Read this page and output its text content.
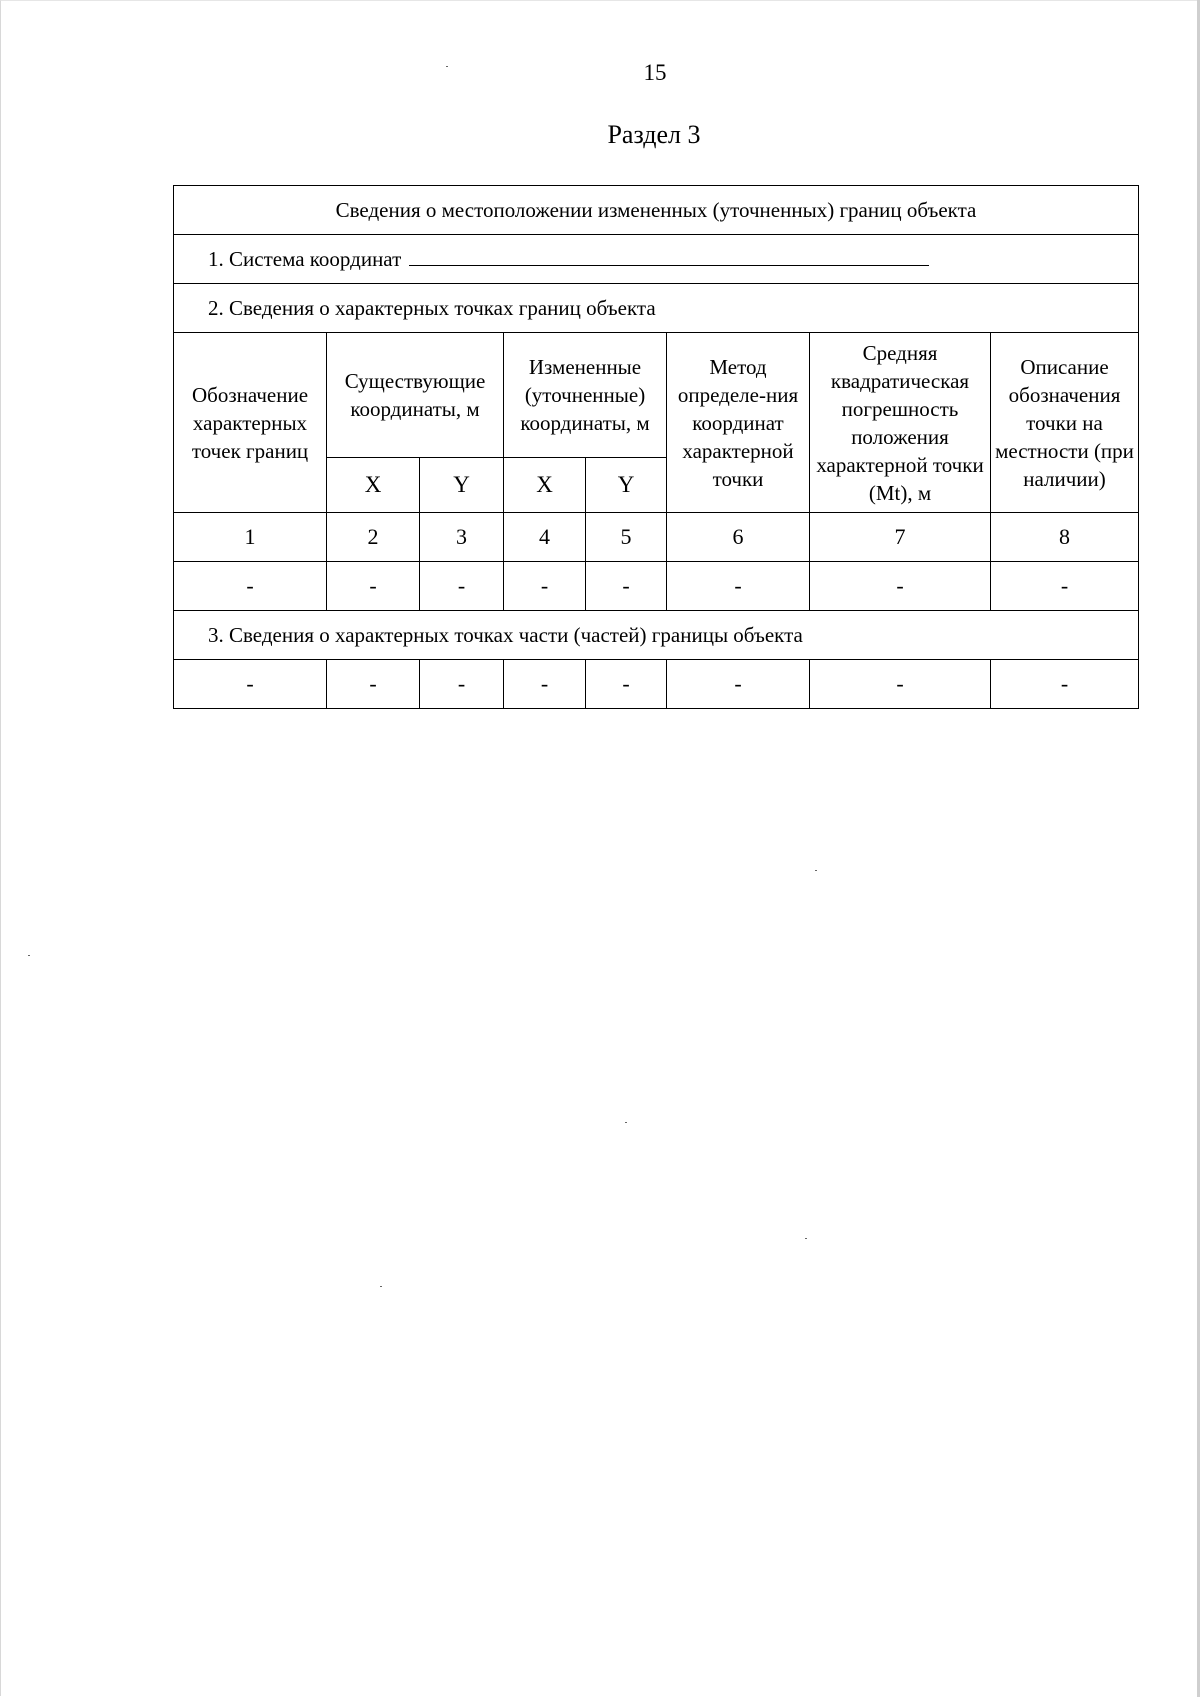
15
Раздел 3
Сведения о местоположении измененных (уточненных) границ объекта							
1. Система координат							
2. Сведения о характерных точках границ объекта							
Обозначение характерных точек границ	Существующие координаты, м		Измененные (уточненные) координаты, м		Метод определе-ния координат характерной точки	Средняя квадратическая погрешность положения характерной точки (Mt), м	Описание обозначения точки на местности (при наличии)
	X	Y	X	Y			
1	2	3	4	5	6	7	8
-	-	-	-	-	-	-	-
3. Сведения о характерных точках части (частей) границы объекта							
-	-	-	-	-	-	-	-
